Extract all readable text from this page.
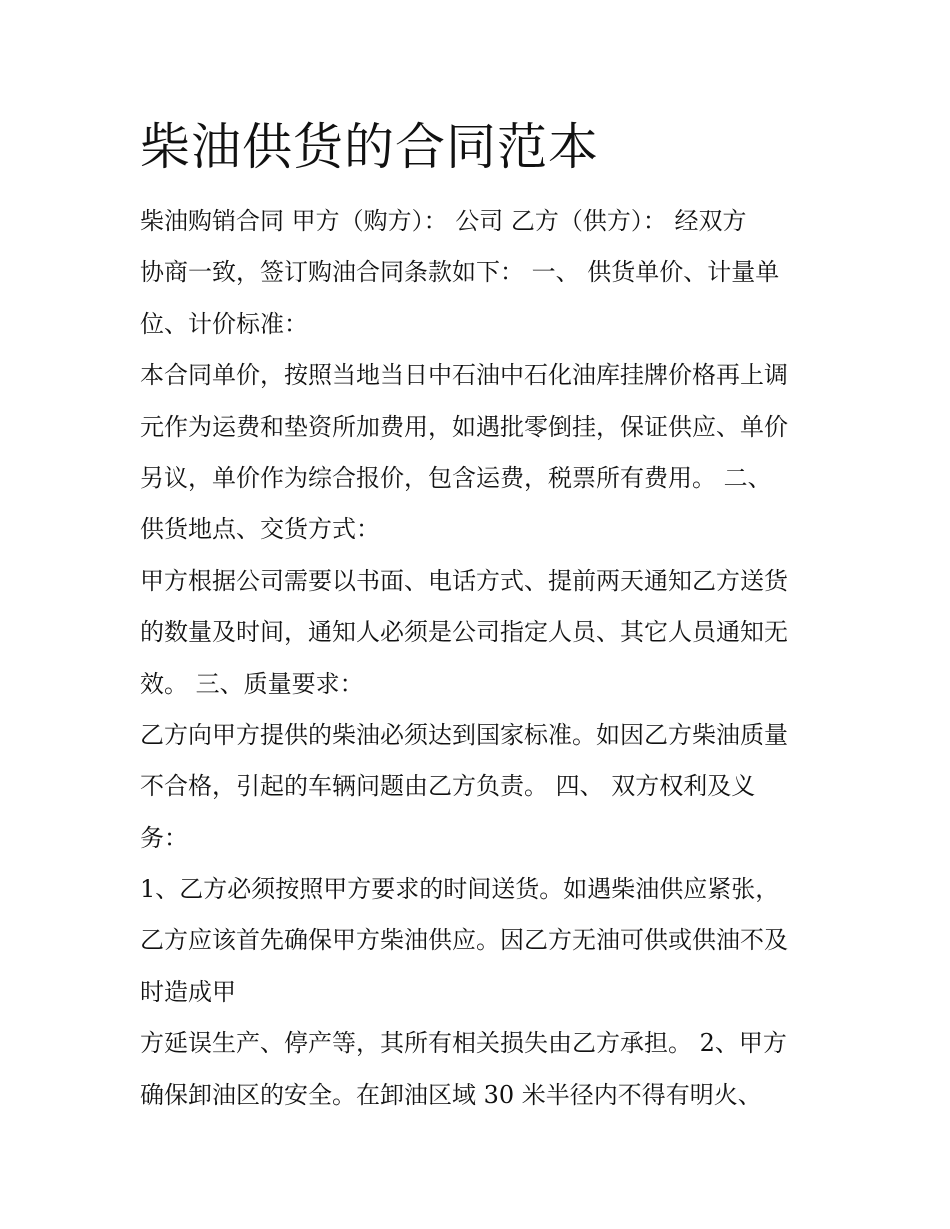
柴油供货的合同范本
柴油购销合同 甲方（购方）： 公司 乙方（供方）： 经双方
协商一致，签订购油合同条款如下： 一、 供货单价、计量单
位、计价标准：
本合同单价，按照当地当日中石油中石化油库挂牌价格再上调
元作为运费和垫资所加费用，如遇批零倒挂，保证供应、单价
另议，单价作为综合报价，包含运费，税票所有费用。 二、
供货地点、交货方式：
甲方根据公司需要以书面、电话方式、提前两天通知乙方送货
的数量及时间，通知人必须是公司指定人员、其它人员通知无
效。 三、质量要求：
乙方向甲方提供的柴油必须达到国家标准。如因乙方柴油质量
不合格，引起的车辆问题由乙方负责。 四、 双方权利及义
务：
1、乙方必须按照甲方要求的时间送货。如遇柴油供应紧张，
乙方应该首先确保甲方柴油供应。因乙方无油可供或供油不及
时造成甲
方延误生产、停产等，其所有相关损失由乙方承担。 2、甲方
确保卸油区的安全。在卸油区域 30 米半径内不得有明火、
